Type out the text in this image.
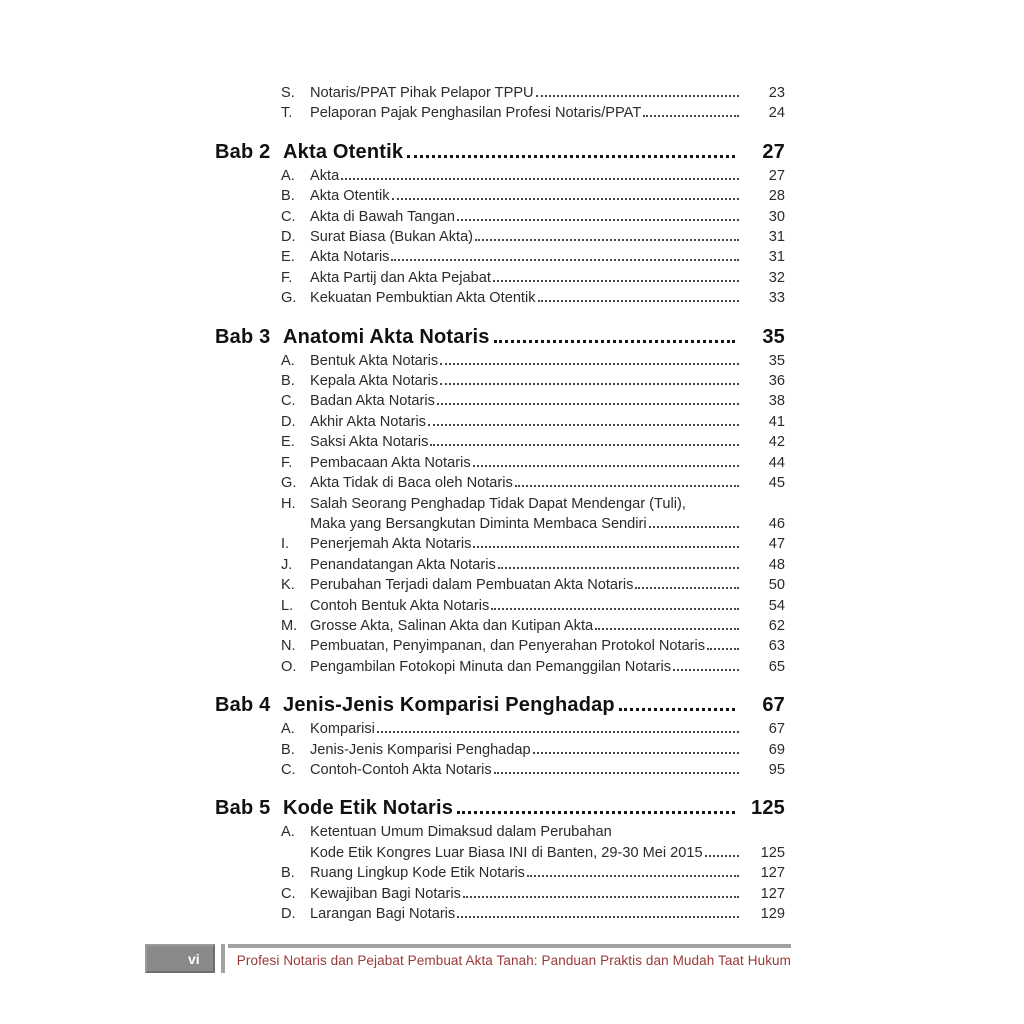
S.	Notaris/PPAT Pihak Pelapor TPPU	23
T.	Pelaporan Pajak Penghasilan Profesi Notaris/PPAT	24
Bab 2 Akta Otentik	27
A.	Akta	27
B.	Akta Otentik	28
C. Akta di Bawah Tangan	30
D. Surat Biasa (Bukan Akta)	31
E.	Akta Notaris	31
F.	Akta Partij dan Akta Pejabat	32
G. Kekuatan Pembuktian Akta Otentik	33
Bab 3 Anatomi Akta Notaris	35
A.	Bentuk Akta Notaris	35
B.	Kepala Akta Notaris	36
C. Badan Akta Notaris	38
D. Akhir Akta Notaris	41
E.	Saksi Akta Notaris	42
F.	Pembacaan Akta Notaris	44
G. Akta Tidak di Baca oleh Notaris	45
H. Salah Seorang Penghadap Tidak Dapat Mendengar (Tuli),
Maka yang Bersangkutan Diminta Membaca Sendiri	46
I.	Penerjemah Akta Notaris	47
J.	Penandatangan Akta Notaris	48
K.	Perubahan Terjadi dalam Pembuatan Akta Notaris	50
L.	Contoh Bentuk Akta Notaris	54
M. Grosse Akta, Salinan Akta dan Kutipan Akta	62
N. Pembuatan, Penyimpanan, dan Penyerahan Protokol Notaris	63
O. Pengambilan Fotokopi Minuta dan Pemanggilan Notaris	65
Bab 4 Jenis-Jenis Komparisi Penghadap	67
A.	Komparisi	67
B.	Jenis-Jenis Komparisi Penghadap	69
C. Contoh-Contoh Akta Notaris	95
Bab 5 Kode Etik Notaris	125
A.	Ketentuan Umum Dimaksud dalam Perubahan
Kode Etik Kongres Luar Biasa INI di Banten, 29-30 Mei 2015	125
B.	Ruang Lingkup Kode Etik Notaris	127
C. Kewajiban Bagi Notaris	127
D. Larangan Bagi Notaris	129
vi	Profesi Notaris dan Pejabat Pembuat Akta Tanah: Panduan Praktis dan Mudah Taat Hukum
